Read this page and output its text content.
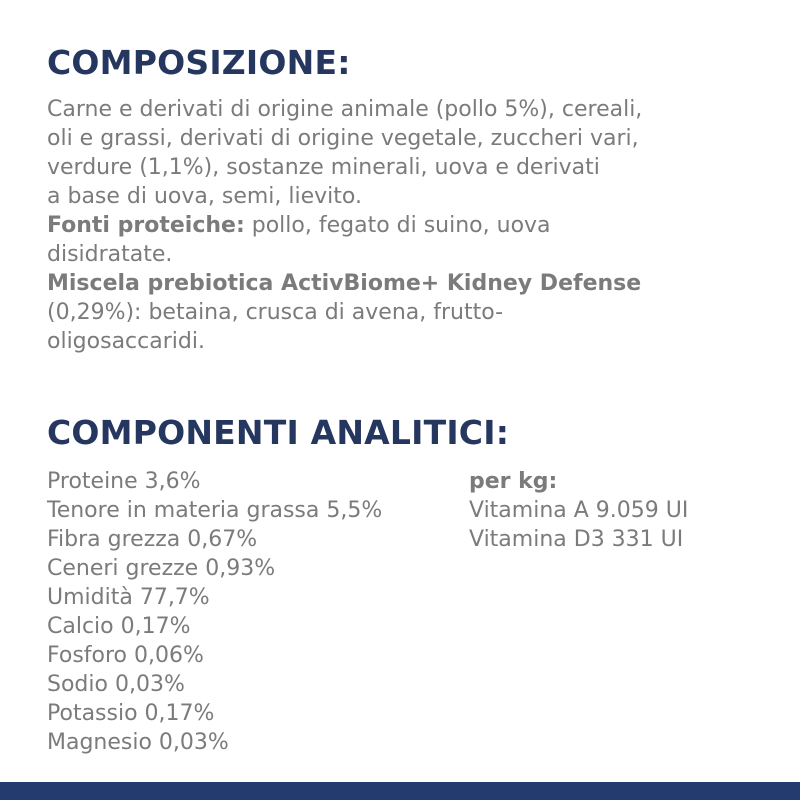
COMPOSIZIONE:
Carne e derivati di origine animale (pollo 5%), cereali,
oli e grassi, derivati di origine vegetale, zuccheri vari,
verdure (1,1%), sostanze minerali, uova e derivati
a base di uova, semi, lievito.
Fonti proteiche: pollo, fegato di suino, uova
disidratate.
Miscela prebiotica ActivBiome+ Kidney Defense
(0,29%): betaina, crusca di avena, frutto-
oligosaccaridi.
COMPONENTI ANALITICI:
Proteine 3,6%
Tenore in materia grassa 5,5%
Fibra grezza 0,67%
Ceneri grezze 0,93%
Umidità 77,7%
Calcio 0,17%
Fosforo 0,06%
Sodio 0,03%
Potassio 0,17%
Magnesio 0,03%
per kg:
Vitamina A 9.059 UI
Vitamina D3 331 UI
